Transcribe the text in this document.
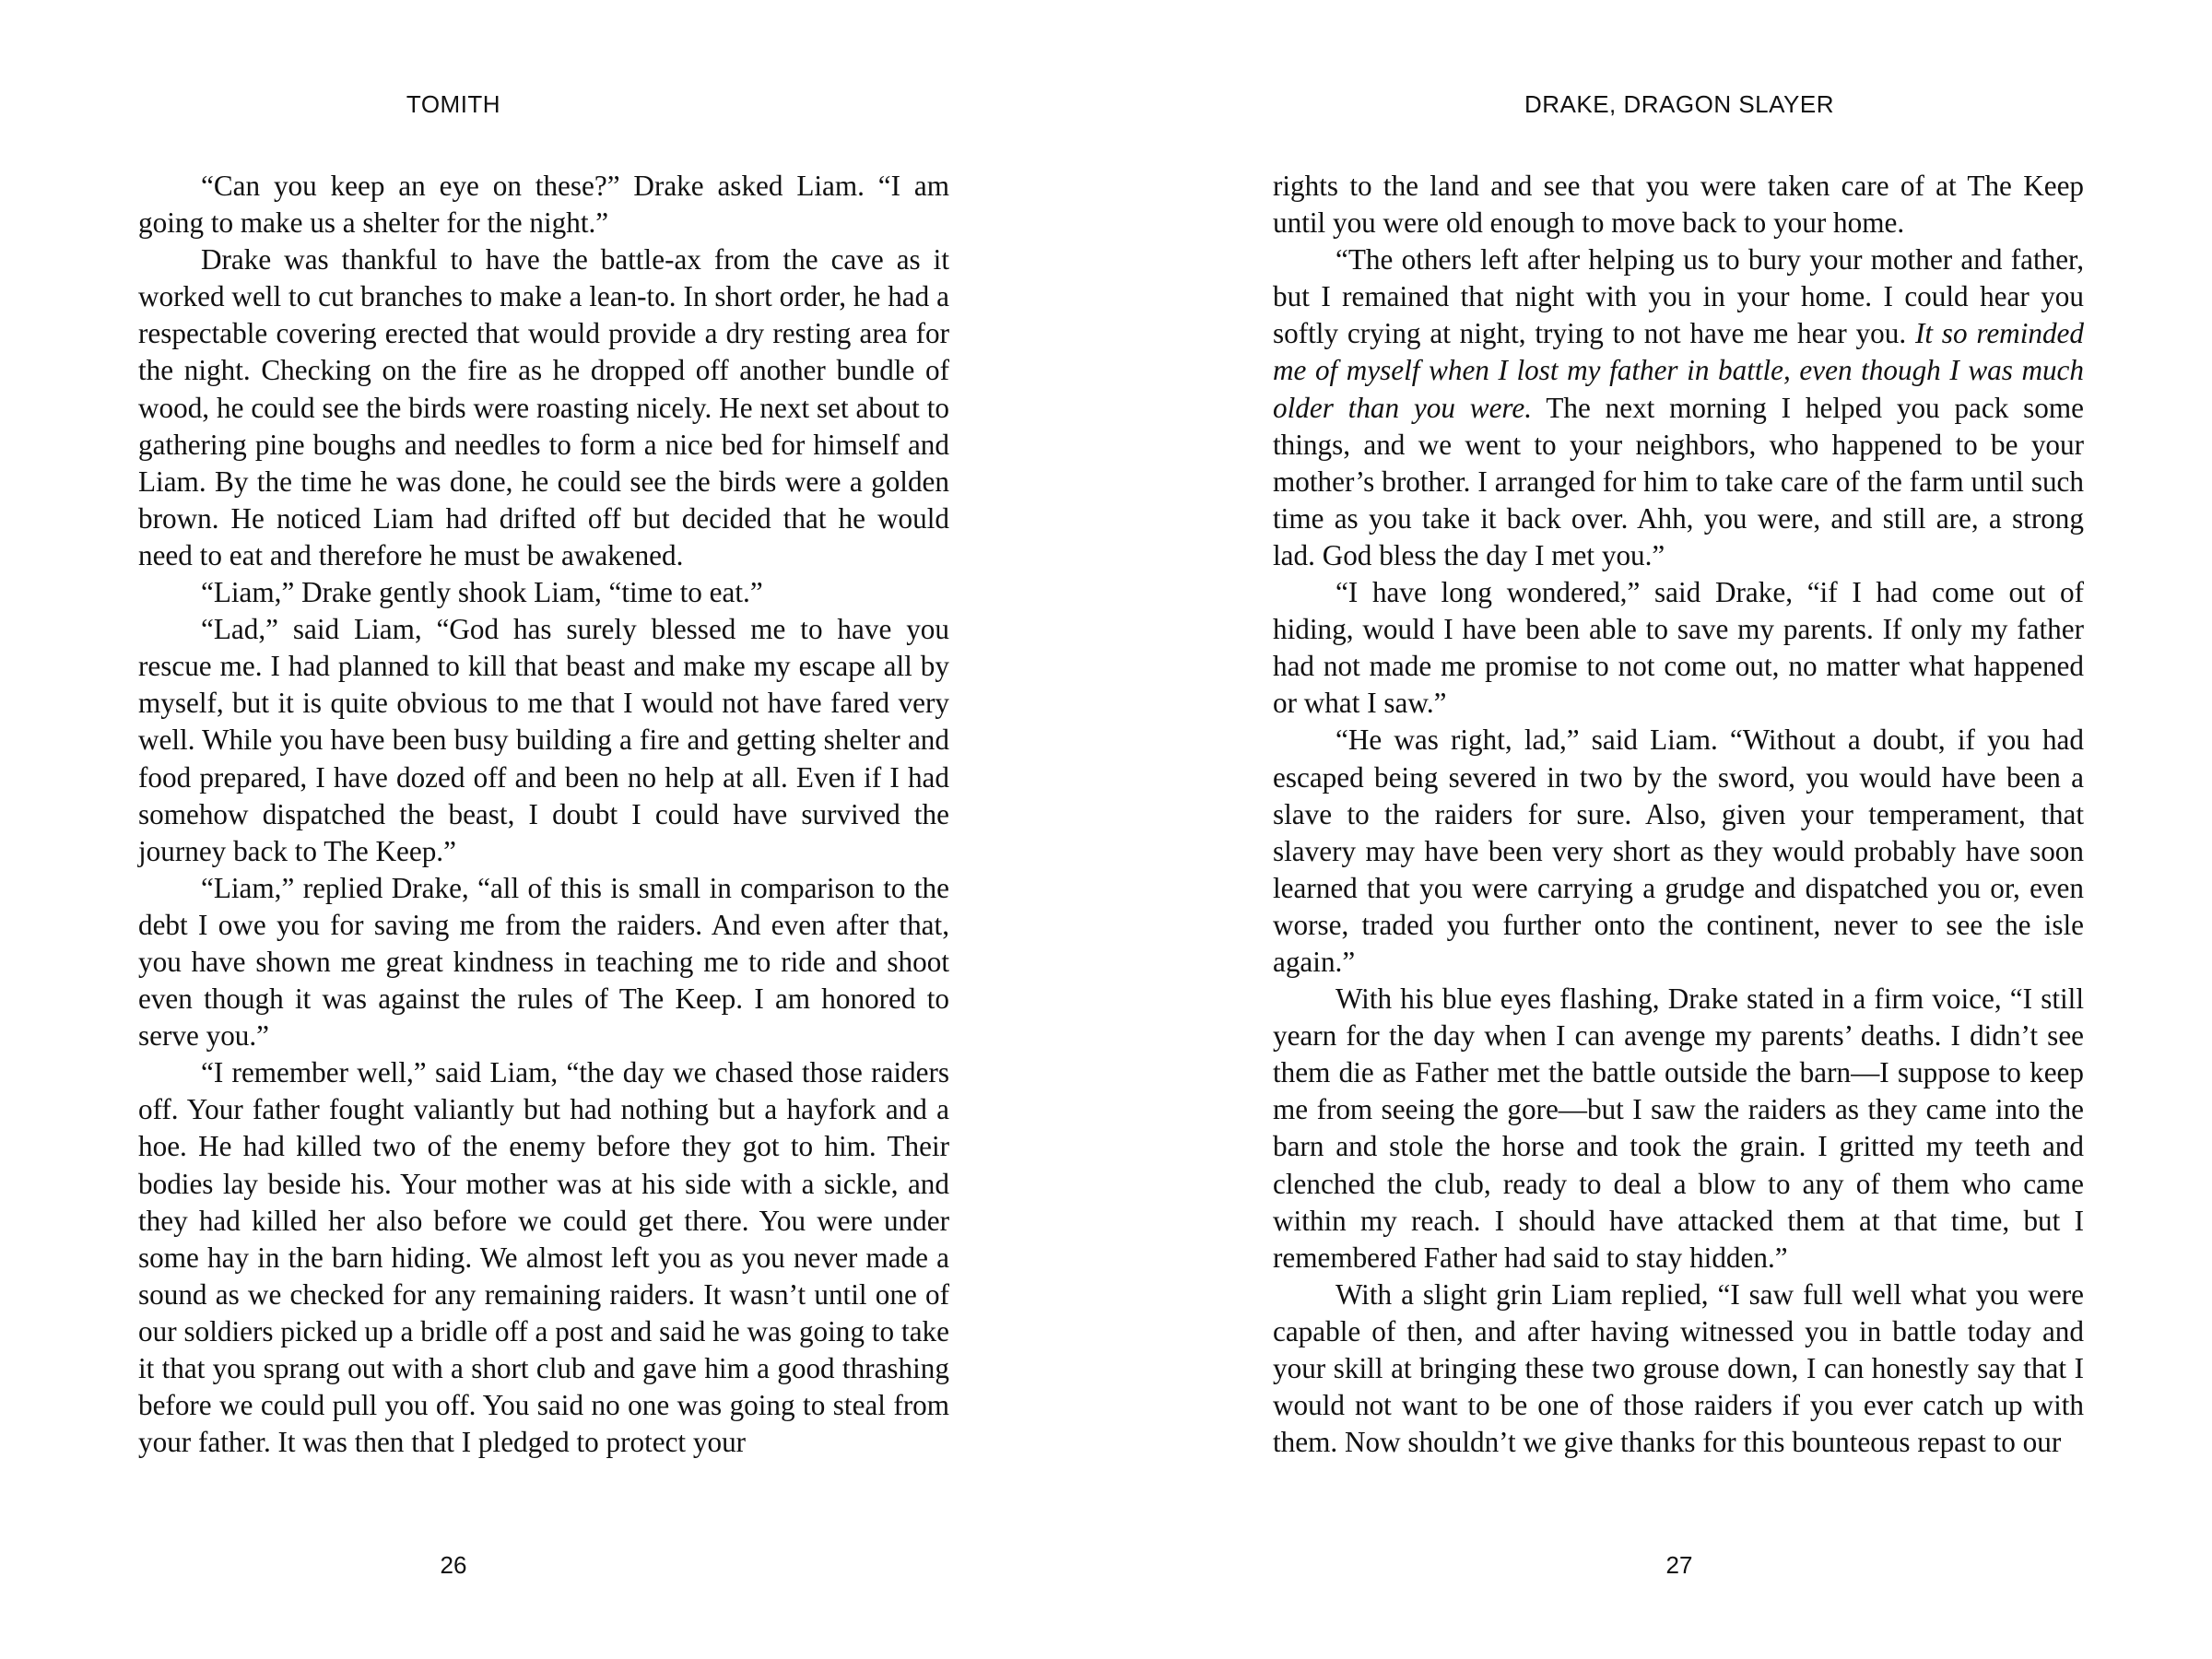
TOMITH

“Can you keep an eye on these?” Drake asked Liam. “I am going to make us a shelter for the night.”

Drake was thankful to have the battle-ax from the cave as it worked well to cut branches to make a lean-to. In short order, he had a respectable covering erected that would provide a dry resting area for the night. Checking on the fire as he dropped off another bundle of wood, he could see the birds were roasting nicely. He next set about to gathering pine boughs and needles to form a nice bed for himself and Liam. By the time he was done, he could see the birds were a golden brown. He noticed Liam had drifted off but decided that he would need to eat and therefore he must be awakened.

“Liam,” Drake gently shook Liam, “time to eat.”

“Lad,” said Liam, “God has surely blessed me to have you rescue me. I had planned to kill that beast and make my escape all by myself, but it is quite obvious to me that I would not have fared very well. While you have been busy building a fire and getting shelter and food prepared, I have dozed off and been no help at all. Even if I had somehow dispatched the beast, I doubt I could have survived the journey back to The Keep.”

“Liam,” replied Drake, “all of this is small in comparison to the debt I owe you for saving me from the raiders. And even after that, you have shown me great kindness in teaching me to ride and shoot even though it was against the rules of The Keep. I am honored to serve you.”

“I remember well,” said Liam, “the day we chased those raiders off. Your father fought valiantly but had nothing but a hayfork and a hoe. He had killed two of the enemy before they got to him. Their bodies lay beside his. Your mother was at his side with a sickle, and they had killed her also before we could get there. You were under some hay in the barn hiding. We almost left you as you never made a sound as we checked for any remaining raiders. It wasn’t until one of our soldiers picked up a bridle off a post and said he was going to take it that you sprang out with a short club and gave him a good thrashing before we could pull you off. You said no one was going to steal from your father. It was then that I pledged to protect your

26
DRAKE, DRAGON SLAYER

rights to the land and see that you were taken care of at The Keep until you were old enough to move back to your home.

“The others left after helping us to bury your mother and father, but I remained that night with you in your home. I could hear you softly crying at night, trying to not have me hear you. It so reminded me of myself when I lost my father in battle, even though I was much older than you were. The next morning I helped you pack some things, and we went to your neighbors, who happened to be your mother’s brother. I arranged for him to take care of the farm until such time as you take it back over. Ahh, you were, and still are, a strong lad. God bless the day I met you.”

“I have long wondered,” said Drake, “if I had come out of hiding, would I have been able to save my parents. If only my father had not made me promise to not come out, no matter what happened or what I saw.”

“He was right, lad,” said Liam. “Without a doubt, if you had escaped being severed in two by the sword, you would have been a slave to the raiders for sure. Also, given your temperament, that slavery may have been very short as they would probably have soon learned that you were carrying a grudge and dispatched you or, even worse, traded you further onto the continent, never to see the isle again.”

With his blue eyes flashing, Drake stated in a firm voice, “I still yearn for the day when I can avenge my parents’ deaths. I didn’t see them die as Father met the battle outside the barn—I suppose to keep me from seeing the gore—but I saw the raiders as they came into the barn and stole the horse and took the grain. I gritted my teeth and clenched the club, ready to deal a blow to any of them who came within my reach. I should have attacked them at that time, but I remembered Father had said to stay hidden.”

With a slight grin Liam replied, “I saw full well what you were capable of then, and after having witnessed you in battle today and your skill at bringing these two grouse down, I can honestly say that I would not want to be one of those raiders if you ever catch up with them. Now shouldn’t we give thanks for this bounteous repast to our

27
